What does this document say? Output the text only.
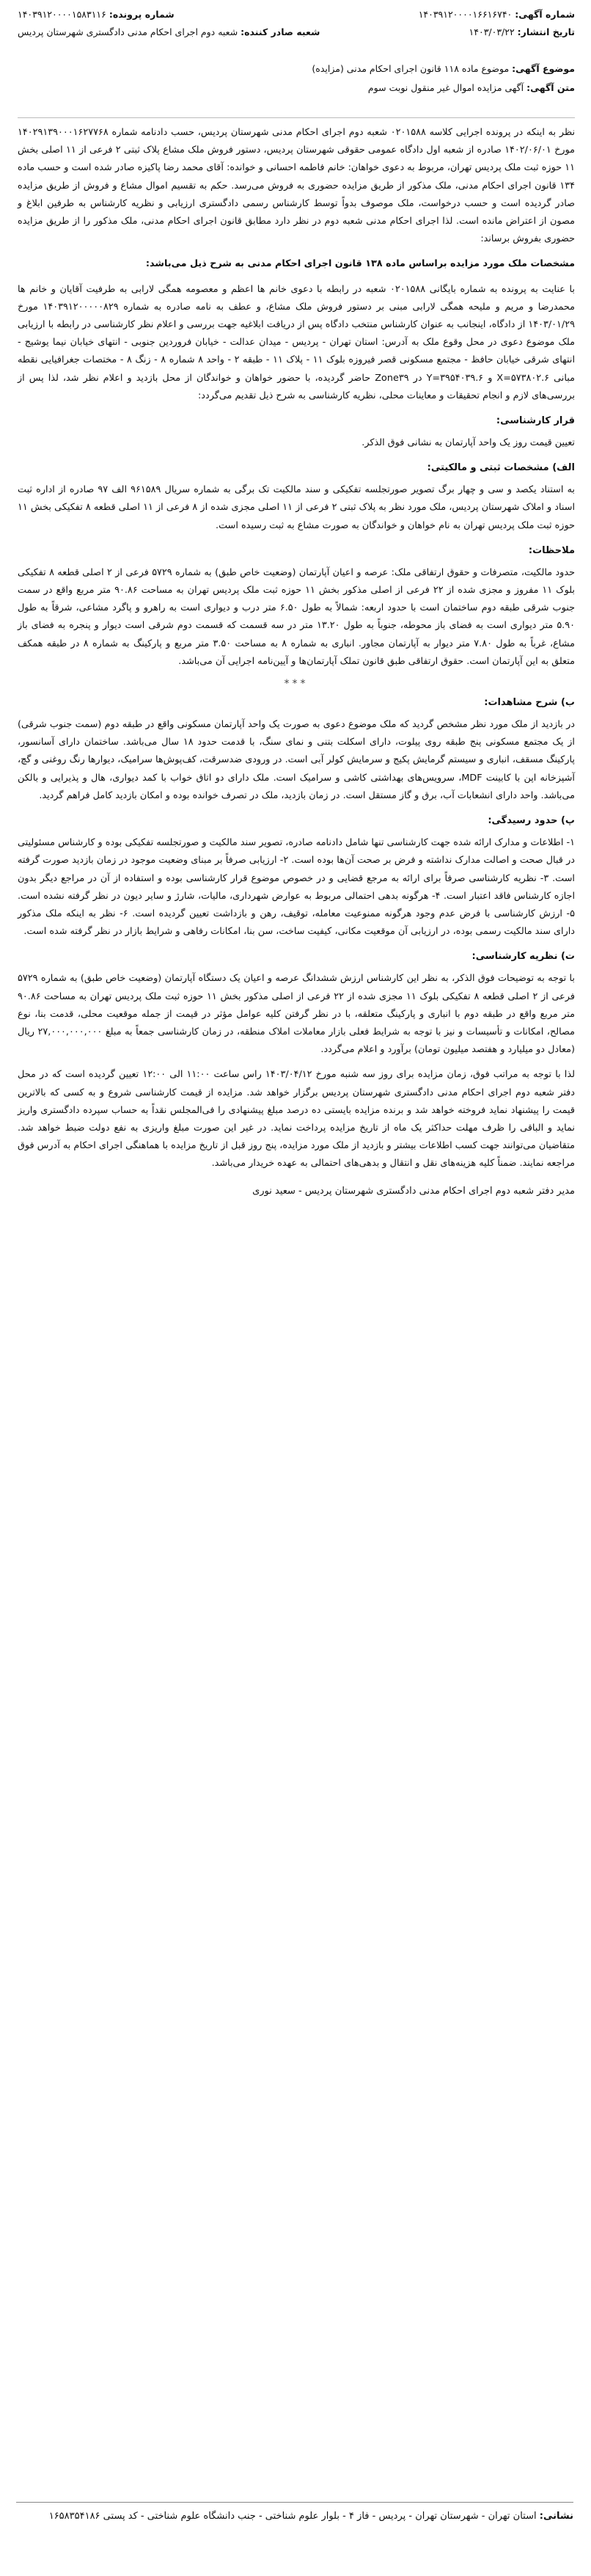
شماره آگهی: ۱۴۰۳۹۱۲۰۰۰۰۱۶۶۱۶۷۴۰
شماره پرونده: ۱۴۰۳۹۱۲۰۰۰۰۱۵۸۳۱۱۶
تاریخ انتشار: ۱۴۰۳/۰۳/۲۲
شعبه صادر کننده: شعبه دوم اجرای احکام مدنی دادگستری شهرستان پردیس
موضوع آگهی: موضوع ماده ۱۱۸ قانون اجرای احکام مدنی (مزایده)
متن آگهی: آگهی مزایده اموال غیر منقول نوبت سوم
نظر به اینکه در پرونده اجرایی کلاسه ۰۲۰۱۵۸۸ شعبه دوم اجرای احکام مدنی شهرستان پردیس، حسب دادنامه شماره ۱۴۰۲۹۱۳۹۰۰۰۱۶۲۷۷۶۸ مورخ ۱۴۰۲/۰۶/۰۱ صادره از شعبه اول دادگاه عمومی حقوقی شهرستان پردیس، دستور فروش ملک مشاع پلاک ثبتی ۲ فرعی از ۱۱ اصلی بخش ۱۱ حوزه ثبت ملک پردیس تهران، مربوط به دعوی خواهان: خانم فاطمه احسانی و خوانده: آقای محمد رضا پاکیزه صادر شده است و حسب ماده ۱۳۴ قانون اجرای احکام مدنی، ملک مذکور از طریق مزایده حضوری به فروش می‌رسد. حکم به تقسیم اموال مشاع و فروش از طریق مزایده صادر گردیده است و حسب درخواست، ملک موصوف بدواً توسط کارشناس رسمی دادگستری ارزیابی و نظریه کارشناس به طرفین ابلاغ و مصون از اعتراض مانده است. لذا اجرای احکام مدنی شعبه دوم در نظر دارد مطابق قانون اجرای احکام مدنی، ملک مذکور را از طریق مزایده حضوری بفروش برساند:
مشخصات ملک مورد مزایده براساس ماده ۱۳۸ قانون اجرای احکام مدنی به شرح ذیل می‌باشد:
با عنایت به پرونده به شماره بایگانی ۰۲۰۱۵۸۸ شعبه در رابطه با دعوی خانم ها اعظم و معصومه همگی لارابی به طرفیت آقایان و خانم ها محمدرضا و مریم و ملیحه همگی لارابی مبنی بر دستور فروش ملک مشاع، و عطف به نامه صادره به شماره ۱۴۰۳۹۱۲۰۰۰۰۰۸۲۹ مورخ ۱۴۰۳/۰۱/۲۹ از دادگاه، اینجانب به عنوان کارشناس منتخب دادگاه پس از دریافت ابلاغیه جهت بررسی و اعلام نظر کارشناسی در رابطه با ارزیابی ملک موضوع دعوی در محل وقوع ملک به آدرس: استان تهران - پردیس - میدان عدالت - خیابان فروردین جنوبی - انتهای خیابان نیما یوشیج - انتهای شرقی خیابان حافظ - مجتمع مسکونی قصر فیروزه بلوک ۱۱ - پلاک ۱۱ - طبقه ۲ - واحد ۸ شماره ۸ - زنگ ۸ - مختصات جغرافیایی نقطه مبانی X=۵۷۳۸۰۲.۶ و Y=۳۹۵۴۰۳۹.۶ در Zone۳۹ حاضر گردیده، با حضور خواهان و خواندگان از محل بازدید و اعلام نظر شد، لذا پس از بررسی‌های لازم و انجام تحقیقات و معاینات محلی، نظریه کارشناسی به شرح ذیل تقدیم می‌گردد:
قرار کارشناسی:
تعیین قیمت روز یک واحد آپارتمان به نشانی فوق الذکر.
الف) مشخصات ثبتی و مالکیتی:
به استناد یکصد و سی و چهار برگ تصویر صورتجلسه تفکیکی و سند مالکیت تک برگی به شماره سریال ۹۶۱۵۸۹ الف ۹۷ صادره از اداره ثبت اسناد و املاک شهرستان پردیس، ملک مورد نظر به پلاک ثبتی ۲ فرعی از ۱۱ اصلی مجزی شده از ۸ فرعی از ۱۱ اصلی قطعه ۸ تفکیکی بخش ۱۱ حوزه ثبت ملک پردیس تهران به نام خواهان و خواندگان به صورت مشاع به ثبت رسیده است.
ملاحظات:
حدود مالکیت، متصرفات و حقوق ارتفاقی ملک: عرصه و اعیان آپارتمان (وضعیت خاص طبق) به شماره ۵۷۲۹ فرعی از ۲ اصلی قطعه ۸ تفکیکی بلوک ۱۱ مفروز و مجزی شده از ۲۲ فرعی از اصلی مذکور بخش ۱۱ حوزه ثبت ملک پردیس تهران به مساحت ۹۰.۸۶ متر مربع واقع در سمت جنوب شرقی طبقه دوم ساختمان است با حدود اربعه: شمالاً به طول ۶.۵۰ متر درب و دیواری است به راهرو و پاگرد مشاعی، شرقاً به طول ۵.۹۰ متر دیواری است به فضای باز محوطه، جنوباً به طول ۱۳.۲۰ متر در سه قسمت که قسمت دوم شرقی است دیوار و پنجره به فضای باز مشاع، غرباً به طول ۷.۸۰ متر دیوار به آپارتمان مجاور. انباری به شماره ۸ به مساحت ۳.۵۰ متر مربع و پارکینگ به شماره ۸ در طبقه همکف متعلق به این آپارتمان است. حقوق ارتفاقی طبق قانون تملک آپارتمان‌ها و آیین‌نامه اجرایی آن می‌باشد.
***
ب) شرح مشاهدات:
در بازدید از ملک مورد نظر مشخص گردید که ملک موضوع دعوی به صورت یک واحد آپارتمان مسکونی واقع در طبقه دوم (سمت جنوب شرقی) از یک مجتمع مسکونی پنج طبقه روی پیلوت، دارای اسکلت بتنی و نمای سنگ، با قدمت حدود ۱۸ سال می‌باشد. ساختمان دارای آسانسور، پارکینگ مسقف، انباری و سیستم گرمایش پکیج و سرمایش کولر آبی است. در ورودی ضدسرقت، کف‌پوش‌ها سرامیک، دیوارها رنگ روغنی و گچ، آشپزخانه اپن با کابینت MDF، سرویس‌های بهداشتی کاشی و سرامیک است. ملک دارای دو اتاق خواب با کمد دیواری، هال و پذیرایی و بالکن می‌باشد. واحد دارای انشعابات آب، برق و گاز مستقل است. در زمان بازدید، ملک در تصرف خوانده بوده و امکان بازدید کامل فراهم گردید.
پ) حدود رسیدگی:
۱- اطلاعات و مدارک ارائه شده جهت کارشناسی تنها شامل دادنامه صادره، تصویر سند مالکیت و صورتجلسه تفکیکی بوده و کارشناس مسئولیتی در قبال صحت و اصالت مدارک نداشته و فرض بر صحت آن‌ها بوده است. ۲- ارزیابی صرفاً بر مبنای وضعیت موجود در زمان بازدید صورت گرفته است. ۳- نظریه کارشناسی صرفاً برای ارائه به مرجع قضایی و در خصوص موضوع قرار کارشناسی بوده و استفاده از آن در مراجع دیگر بدون اجازه کارشناس فاقد اعتبار است. ۴- هرگونه بدهی احتمالی مربوط به عوارض شهرداری، مالیات، شارژ و سایر دیون در نظر گرفته نشده است. ۵- ارزش کارشناسی با فرض عدم وجود هرگونه ممنوعیت معامله، توقیف، رهن و بازداشت تعیین گردیده است. ۶- نظر به اینکه ملک مذکور دارای سند مالکیت رسمی بوده، در ارزیابی آن موقعیت مکانی، کیفیت ساخت، سن بنا، امکانات رفاهی و شرایط بازار در نظر گرفته شده است.
ت) نظریه کارشناسی:
با توجه به توضیحات فوق الذکر، به نظر این کارشناس ارزش ششدانگ عرصه و اعیان یک دستگاه آپارتمان (وضعیت خاص طبق) به شماره ۵۷۲۹ فرعی از ۲ اصلی قطعه ۸ تفکیکی بلوک ۱۱ مجزی شده از ۲۲ فرعی از اصلی مذکور بخش ۱۱ حوزه ثبت ملک پردیس تهران به مساحت ۹۰.۸۶ متر مربع واقع در طبقه دوم با انباری و پارکینگ متعلقه، با در نظر گرفتن کلیه عوامل مؤثر در قیمت از جمله موقعیت محلی، قدمت بنا، نوع مصالح، امکانات و تأسیسات و نیز با توجه به شرایط فعلی بازار معاملات املاک منطقه، در زمان کارشناسی جمعاً به مبلغ ۲۷,۰۰۰,۰۰۰,۰۰۰ ریال (معادل دو میلیارد و هفتصد میلیون تومان) برآورد و اعلام می‌گردد.
لذا با توجه به مراتب فوق، زمان مزایده برای روز سه شنبه مورخ ۱۴۰۳/۰۴/۱۲ راس ساعت ۱۱:۰۰ الی ۱۲:۰۰ تعیین گردیده است که در محل دفتر شعبه دوم اجرای احکام مدنی دادگستری شهرستان پردیس برگزار خواهد شد. مزایده از قیمت کارشناسی شروع و به کسی که بالاترین قیمت را پیشنهاد نماید فروخته خواهد شد و برنده مزایده بایستی ده درصد مبلغ پیشنهادی را فی‌المجلس نقداً به حساب سپرده دادگستری واریز نماید و الباقی را ظرف مهلت حداکثر یک ماه از تاریخ مزایده پرداخت نماید. در غیر این صورت مبلغ واریزی به نفع دولت ضبط خواهد شد. متقاضیان می‌توانند جهت کسب اطلاعات بیشتر و بازدید از ملک مورد مزایده، پنج روز قبل از تاریخ مزایده با هماهنگی اجرای احکام به آدرس فوق مراجعه نمایند. ضمناً کلیه هزینه‌های نقل و انتقال و بدهی‌های احتمالی به عهده خریدار می‌باشد.
مدیر دفتر شعبه دوم اجرای احکام مدنی دادگستری شهرستان پردیس - سعید نوری
نشانی: استان تهران - شهرستان تهران - پردیس - فاز ۴ - بلوار علوم شناختی - جنب دانشگاه علوم شناختی - کد پستی ۱۶۵۸۳۵۴۱۸۶
